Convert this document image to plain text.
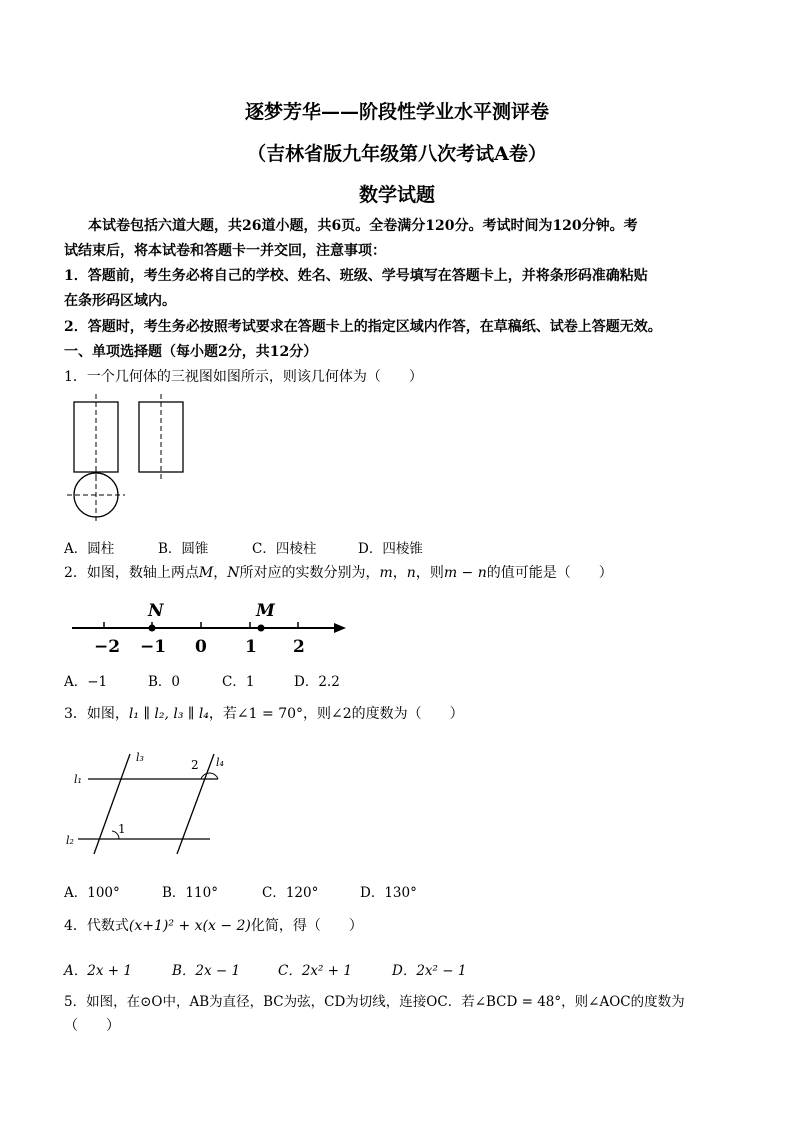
逐梦芳华——阶段性学业水平测评卷
（吉林省版九年级第八次考试A卷）
数学试题
本试卷包括六道大题，共26道小题，共6页。全卷满分120分。考试时间为120分钟。考
试结束后，将本试卷和答题卡一并交回，注意事项：
1．答题前，考生务必将自己的学校、姓名、班级、学号填写在答题卡上，并将条形码准确粘贴
在条形码区域内。
2．答题时，考生务必按照考试要求在答题卡上的指定区域内作答，在草稿纸、试卷上答题无效。
一、单项选择题（每小题2分，共12分）
1．一个几何体的三视图如图所示，则该几何体为（　　）
A．圆柱	B．圆锥	C．四棱柱	D．四棱锥
2．如图，数轴上两点M，N所对应的实数分别为，m，n，则m − n的值可能是（　　）
−2 −1 0 1 2
N	M
A．−1	B．0	C．1	D．2.2
3．如图，l₁ ∥ l₂, l₃ ∥ l₄，若∠1 = 70°，则∠2的度数为（　　）
l₁
l₂
l₃	l₄
1
2
A．100°	B．110°	C．120°	D．130°
4．代数式(x+1)² + x(x − 2)化简，得（　　）
A．2x + 1	B．2x − 1	C．2x² + 1	D．2x² − 1
5．如图，在⊙O中，AB为直径，BC为弦，CD为切线，连接OC．若∠BCD = 48°，则∠AOC的度数为
（　　）
